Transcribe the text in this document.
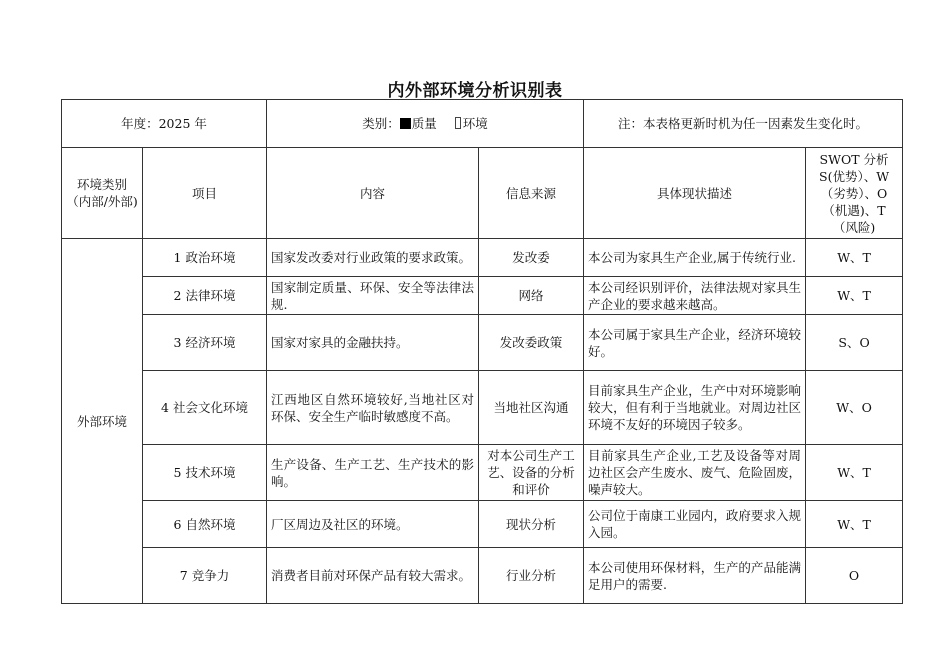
内外部环境分析识别表
年度：2025 年		类别： 质量 环境		注：本表格更新时机为任一因素发生变化时。	
环境类别（内部/外部)	项目	内容	信息来源	具体现状描述	SWOT 分析 S(优势）、W（劣势）、O（机遇)、T（风险)
外部环境	1 政治环境	国家发改委对行业政策的要求政策。	发改委	本公司为家具生产企业,属于传统行业.	W、T
	2 法律环境	国家制定质量、环保、安全等法律法规.	网络	本公司经识别评价，法律法规对家具生产企业的要求越来越高。	W、T
	3 经济环境	国家对家具的金融扶持。	发改委政策	本公司属于家具生产企业，经济环境较好。	S、O
	4 社会文化环境	江西地区自然环境较好,当地社区对环保、安全生产临时敏感度不高。	当地社区沟通	目前家具生产企业，生产中对环境影响较大，但有利于当地就业。对周边社区环境不友好的环境因子较多。	W、O
	5 技术环境	生产设备、生产工艺、生产技术的影响。	对本公司生产工艺、设备的分析和评价	目前家具生产企业,工艺及设备等对周边社区会产生废水、废气、危险固废，噪声较大。	W、T
	6 自然环境	厂区周边及社区的环境。	现状分析	公司位于南康工业园内，政府要求入规入园。	W、T
	7 竞争力	消费者目前对环保产品有较大需求。	行业分析	本公司使用环保材料，生产的产品能满足用户的需要.	O
